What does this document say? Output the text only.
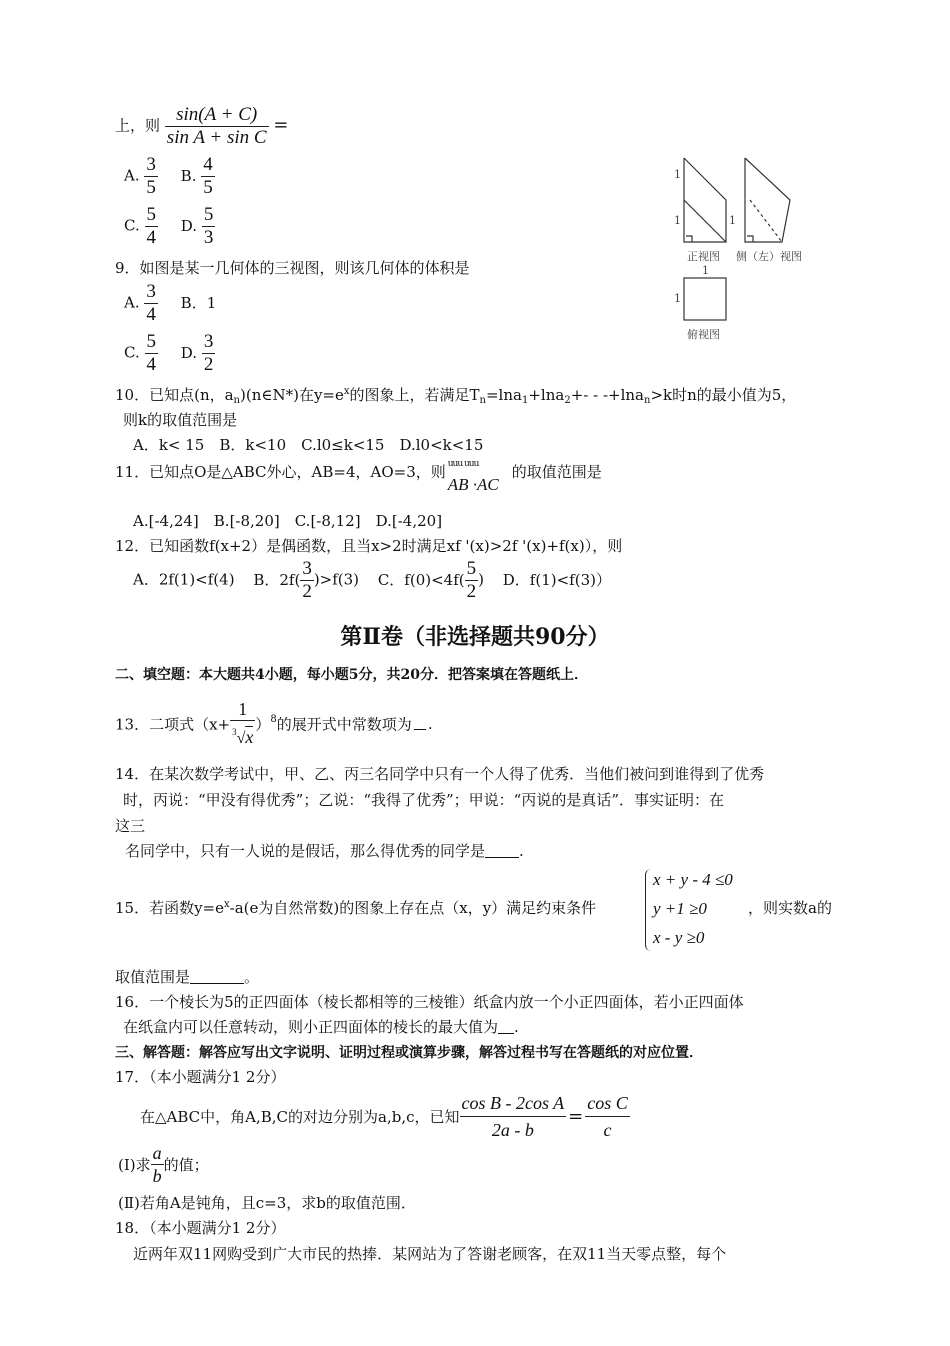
上，则 $\frac{\sin(A + C)}{\text{sin A + sin C}}$ =
A. $\frac{3}{5} B$. $\frac{4}{5}$
C. $\frac{5}{4} D$. $\frac{5}{3}$
1
1	1
正视图 侧（左）视图
1
1
俯视图
9．如图是某一几何体的三视图，则该几何体的体积是
A. $\frac{3}{4}$ B．1
C. $\frac{5}{4} D$. $\frac{3}{2}$
10．已知点(n，$a_n)(n\in N*)$在$y=e^x$的图象上，若满足$T_n=\ln a_1+\ln a_2+- - -+\ln a_n>k$时n的最小值为5，
则k的取值范围是
A．k< 15　B．k<10　C.l0≤k<15　D.l0<k<15
11．已知点O是△ABC外心，AB=4，AO=3，则 uuu uuu
AB ·AC
的取值范围是
A.[-4,24]　B.[-8,20]　C.[-8,12]　D.[-4,20]
12．已知函数f(x+2）是偶函数，且当x>2时满足xf '(x)>2f '(x)+f(x)），则
A．2f(1)<f(4) B．$2f( \frac{3}{2} )>f(3)$ C．$f(0)<4f( \frac{5}{2}$ ) D．f(1)<f(3)）
第Ⅱ卷（非选择题共90分）
二、填空题：本大题共4小题，每小题5分，共20分．把答案填在答题纸上．
13．二项式$(x+ \frac{1}{^3√x} )^8$的展开式中常数项为 .
14．在某次数学考试中，甲、乙、丙三名同学中只有一个人得了优秀．当他们被问到谁得到了优秀
时，丙说：“甲没有得优秀”；乙说：“我得了优秀”；甲说：“丙说的是真话”．事实证明：在
这三
名同学中，只有一人说的是假话，那么得优秀的同学是 .
15．若函数$y=e^x-a(e$为自然常数)的图象上存在点（x，y）满足约束条件
x + y - 4 ≤0
y +1 ≥0
x - y ≥0
，则实数a的
取值范围是	。
16．一个棱长为5的正四面体（棱长都相等的三棱锥）纸盒内放一个小正四面体，若小正四面体
在纸盒内可以任意转动，则小正四面体的棱长的最大值为 .
三、解答题：解答应写出文字说明、证明过程或演算步骤，解答过程书写在答题纸的对应位置．
17．（本小题满分1 2分）
在△ABC中，角A,B,C的对边分别为a,b,c，已知 $\frac{\text{cos B - 2cos A}}{2a - b} = \frac{\text{cos C}}{c}$
(I)求 $\frac{a}{b}$ 的值；
(Ⅱ)若角A是钝角，且c=3，求b的取值范围．
18．（本小题满分1 2分）
近两年双11网购受到广大市民的热捧．某网站为了答谢老顾客，在双11当天零点整，每个
